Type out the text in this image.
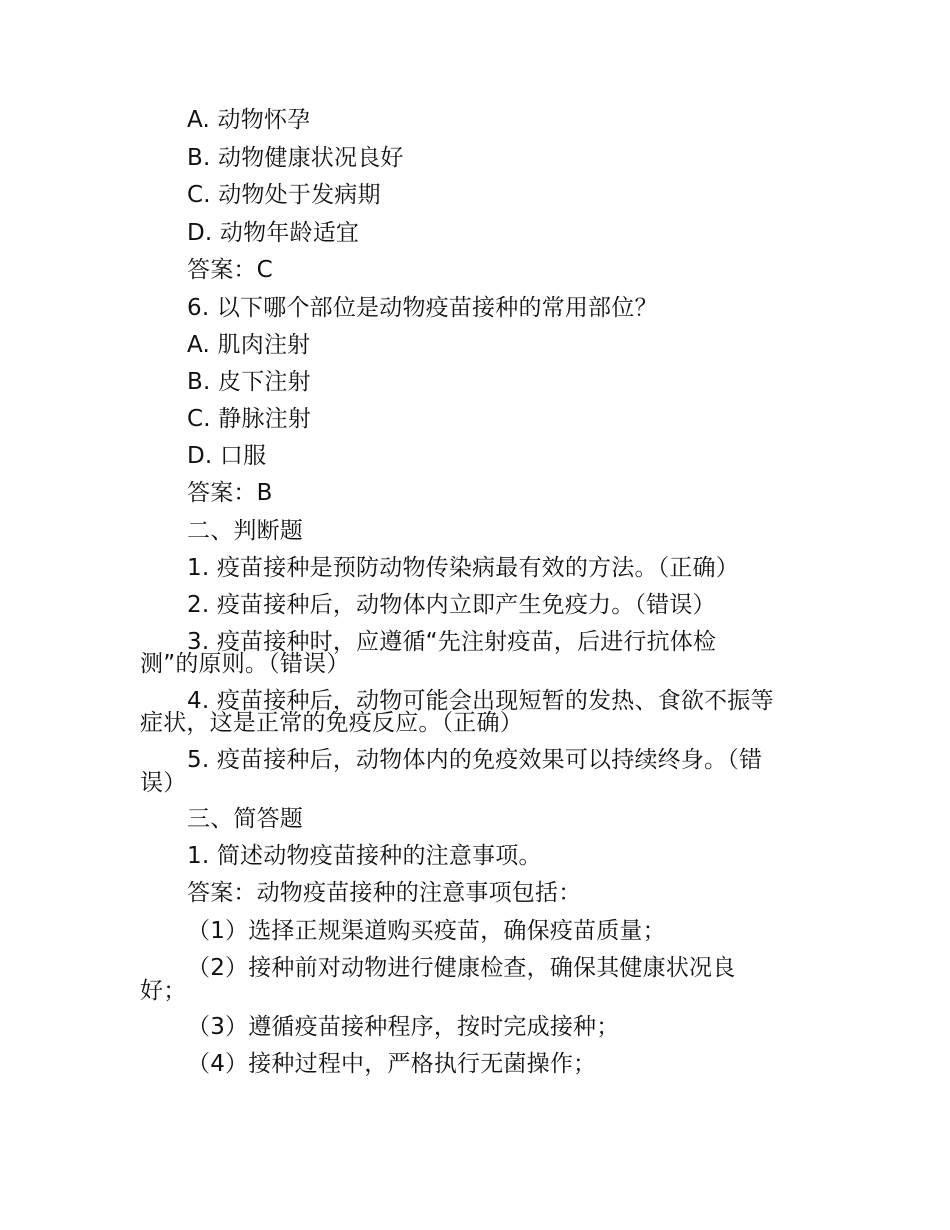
A. 动物怀孕
B. 动物健康状况良好
C. 动物处于发病期
D. 动物年龄适宜
答案：C
6. 以下哪个部位是动物疫苗接种的常用部位？
A. 肌肉注射
B. 皮下注射
C. 静脉注射
D. 口服
答案：B
二、判断题
1. 疫苗接种是预防动物传染病最有效的方法。（正确）
2. 疫苗接种后，动物体内立即产生免疫力。（错误）
3. 疫苗接种时，应遵循“先注射疫苗，后进行抗体检
测”的原则。（错误）
4. 疫苗接种后，动物可能会出现短暂的发热、食欲不振等
症状，这是正常的免疫反应。（正确）
5. 疫苗接种后，动物体内的免疫效果可以持续终身。（错
误）
三、简答题
1. 简述动物疫苗接种的注意事项。
答案：动物疫苗接种的注意事项包括：
（1）选择正规渠道购买疫苗，确保疫苗质量；
（2）接种前对动物进行健康检查，确保其健康状况良
好；
（3）遵循疫苗接种程序，按时完成接种；
（4）接种过程中，严格执行无菌操作；
